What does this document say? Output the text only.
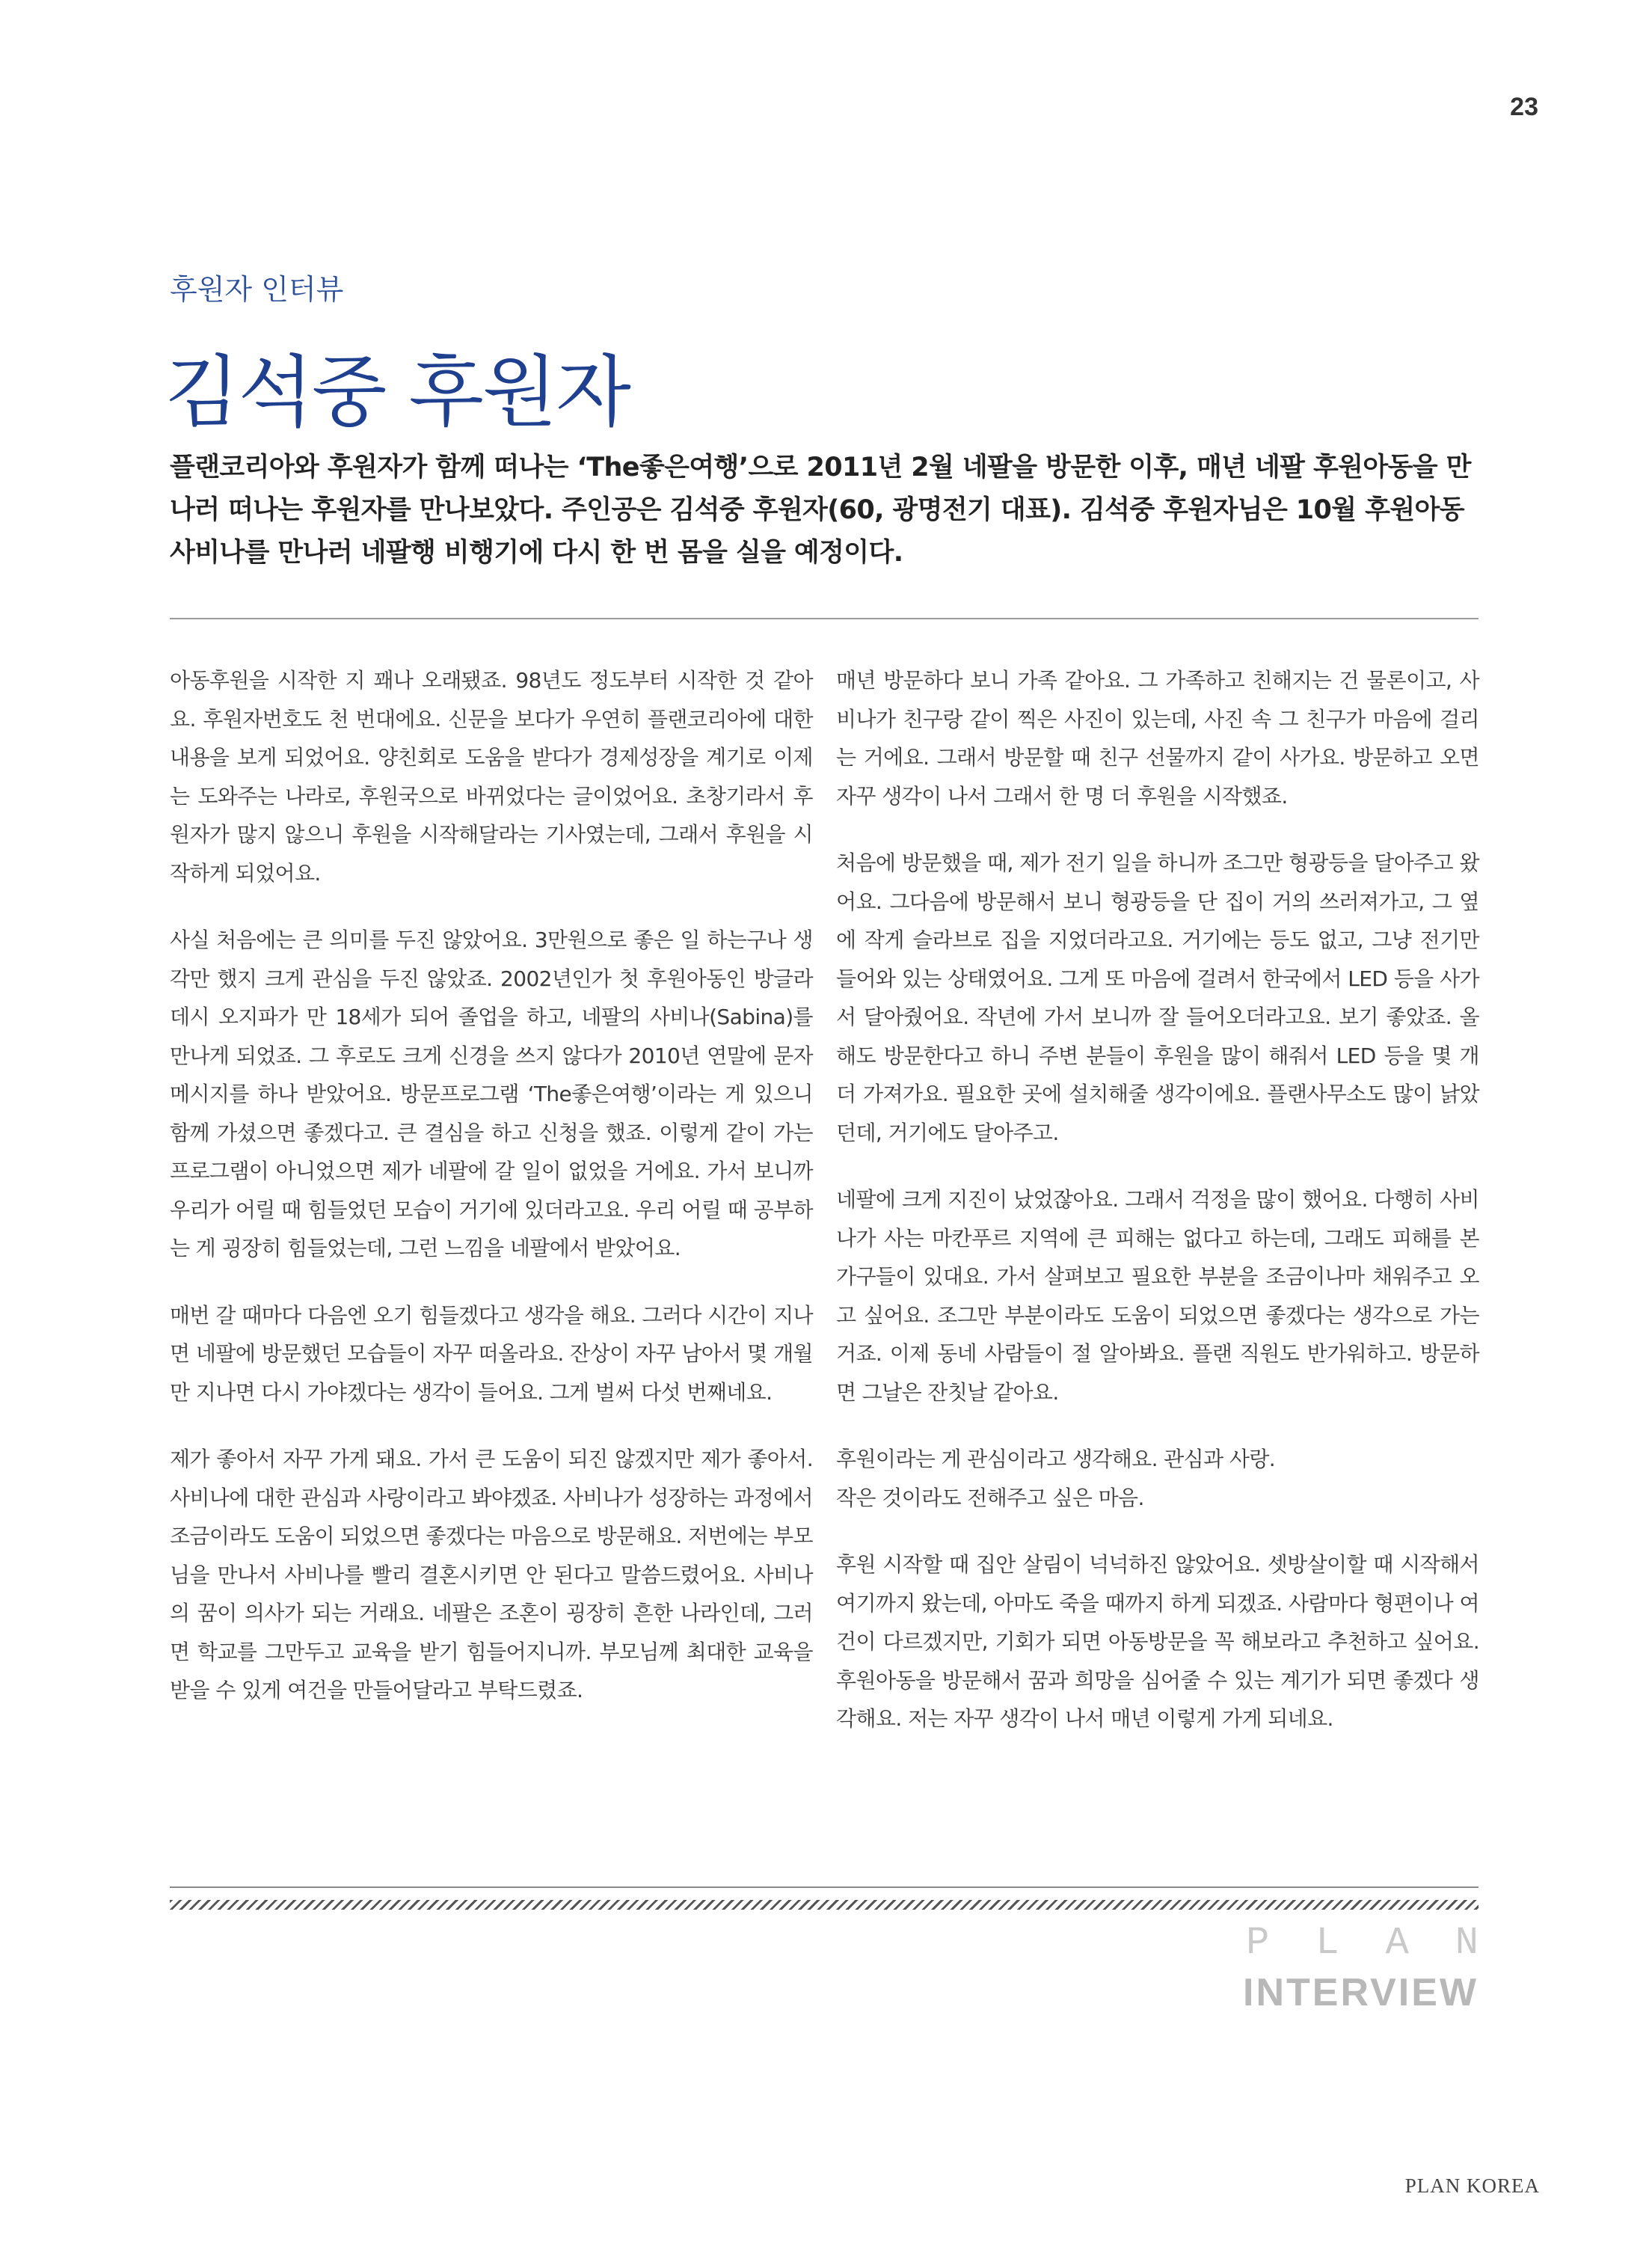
23
후원자 인터뷰
김석중 후원자
플랜코리아와 후원자가 함께 떠나는 ‘The좋은여행’으로 2011년 2월 네팔을 방문한 이후, 매년 네팔 후원아동을 만나러 떠나는 후원자를 만나보았다. 주인공은 김석중 후원자(60, 광명전기 대표). 김석중 후원자님은 10월 후원아동 사비나를 만나러 네팔행 비행기에 다시 한 번 몸을 실을 예정이다.

아동후원을 시작한 지 꽤나 오래됐죠. 98년도 정도부터 시작한 것 같아요. 후원자번호도 천 번대에요. 신문을 보다가 우연히 플랜코리아에 대한 내용을 보게 되었어요. 양친회로 도움을 받다가 경제성장을 계기로 이제는 도와주는 나라로, 후원국으로 바뀌었다는 글이었어요. 초창기라서 후원자가 많지 않으니 후원을 시작해달라는 기사였는데, 그래서 후원을 시작하게 되었어요.

사실 처음에는 큰 의미를 두진 않았어요. 3만원으로 좋은 일 하는구나 생각만 했지 크게 관심을 두진 않았죠. 2002년인가 첫 후원아동인 방글라데시 오지파가 만 18세가 되어 졸업을 하고, 네팔의 사비나(Sabina)를 만나게 되었죠. 그 후로도 크게 신경을 쓰지 않다가 2010년 연말에 문자메시지를 하나 받았어요. 방문프로그램 ‘The좋은여행’이라는 게 있으니 함께 가셨으면 좋겠다고. 큰 결심을 하고 신청을 했죠. 이렇게 같이 가는 프로그램이 아니었으면 제가 네팔에 갈 일이 없었을 거에요. 가서 보니까 우리가 어릴 때 힘들었던 모습이 거기에 있더라고요. 우리 어릴 때 공부하는 게 굉장히 힘들었는데, 그런 느낌을 네팔에서 받았어요.

매번 갈 때마다 다음엔 오기 힘들겠다고 생각을 해요. 그러다 시간이 지나면 네팔에 방문했던 모습들이 자꾸 떠올라요. 잔상이 자꾸 남아서 몇 개월만 지나면 다시 가야겠다는 생각이 들어요. 그게 벌써 다섯 번째네요.

제가 좋아서 자꾸 가게 돼요. 가서 큰 도움이 되진 않겠지만 제가 좋아서. 사비나에 대한 관심과 사랑이라고 봐야겠죠. 사비나가 성장하는 과정에서 조금이라도 도움이 되었으면 좋겠다는 마음으로 방문해요. 저번에는 부모님을 만나서 사비나를 빨리 결혼시키면 안 된다고 말씀드렸어요. 사비나의 꿈이 의사가 되는 거래요. 네팔은 조혼이 굉장히 흔한 나라인데, 그러면 학교를 그만두고 교육을 받기 힘들어지니까. 부모님께 최대한 교육을 받을 수 있게 여건을 만들어달라고 부탁드렸죠.

매년 방문하다 보니 가족 같아요. 그 가족하고 친해지는 건 물론이고, 사비나가 친구랑 같이 찍은 사진이 있는데, 사진 속 그 친구가 마음에 걸리는 거에요. 그래서 방문할 때 친구 선물까지 같이 사가요. 방문하고 오면 자꾸 생각이 나서 그래서 한 명 더 후원을 시작했죠.

처음에 방문했을 때, 제가 전기 일을 하니까 조그만 형광등을 달아주고 왔어요. 그다음에 방문해서 보니 형광등을 단 집이 거의 쓰러져가고, 그 옆에 작게 슬라브로 집을 지었더라고요. 거기에는 등도 없고, 그냥 전기만 들어와 있는 상태였어요. 그게 또 마음에 걸려서 한국에서 LED 등을 사가서 달아줬어요. 작년에 가서 보니까 잘 들어오더라고요. 보기 좋았죠. 올해도 방문한다고 하니 주변 분들이 후원을 많이 해줘서 LED 등을 몇 개 더 가져가요. 필요한 곳에 설치해줄 생각이에요. 플랜사무소도 많이 낡았던데, 거기에도 달아주고.

네팔에 크게 지진이 났었잖아요. 그래서 걱정을 많이 했어요. 다행히 사비나가 사는 마칸푸르 지역에 큰 피해는 없다고 하는데, 그래도 피해를 본 가구들이 있대요. 가서 살펴보고 필요한 부분을 조금이나마 채워주고 오고 싶어요. 조그만 부분이라도 도움이 되었으면 좋겠다는 생각으로 가는 거죠. 이제 동네 사람들이 절 알아봐요. 플랜 직원도 반가워하고. 방문하면 그날은 잔칫날 같아요.

후원이라는 게 관심이라고 생각해요. 관심과 사랑.
작은 것이라도 전해주고 싶은 마음.

후원 시작할 때 집안 살림이 넉넉하진 않았어요. 셋방살이할 때 시작해서 여기까지 왔는데, 아마도 죽을 때까지 하게 되겠죠. 사람마다 형편이나 여건이 다르겠지만, 기회가 되면 아동방문을 꼭 해보라고 추천하고 싶어요. 후원아동을 방문해서 꿈과 희망을 심어줄 수 있는 계기가 되면 좋겠다 생각해요. 저는 자꾸 생각이 나서 매년 이렇게 가게 되네요.

PLAN
INTERVIEW
PLAN KOREA
